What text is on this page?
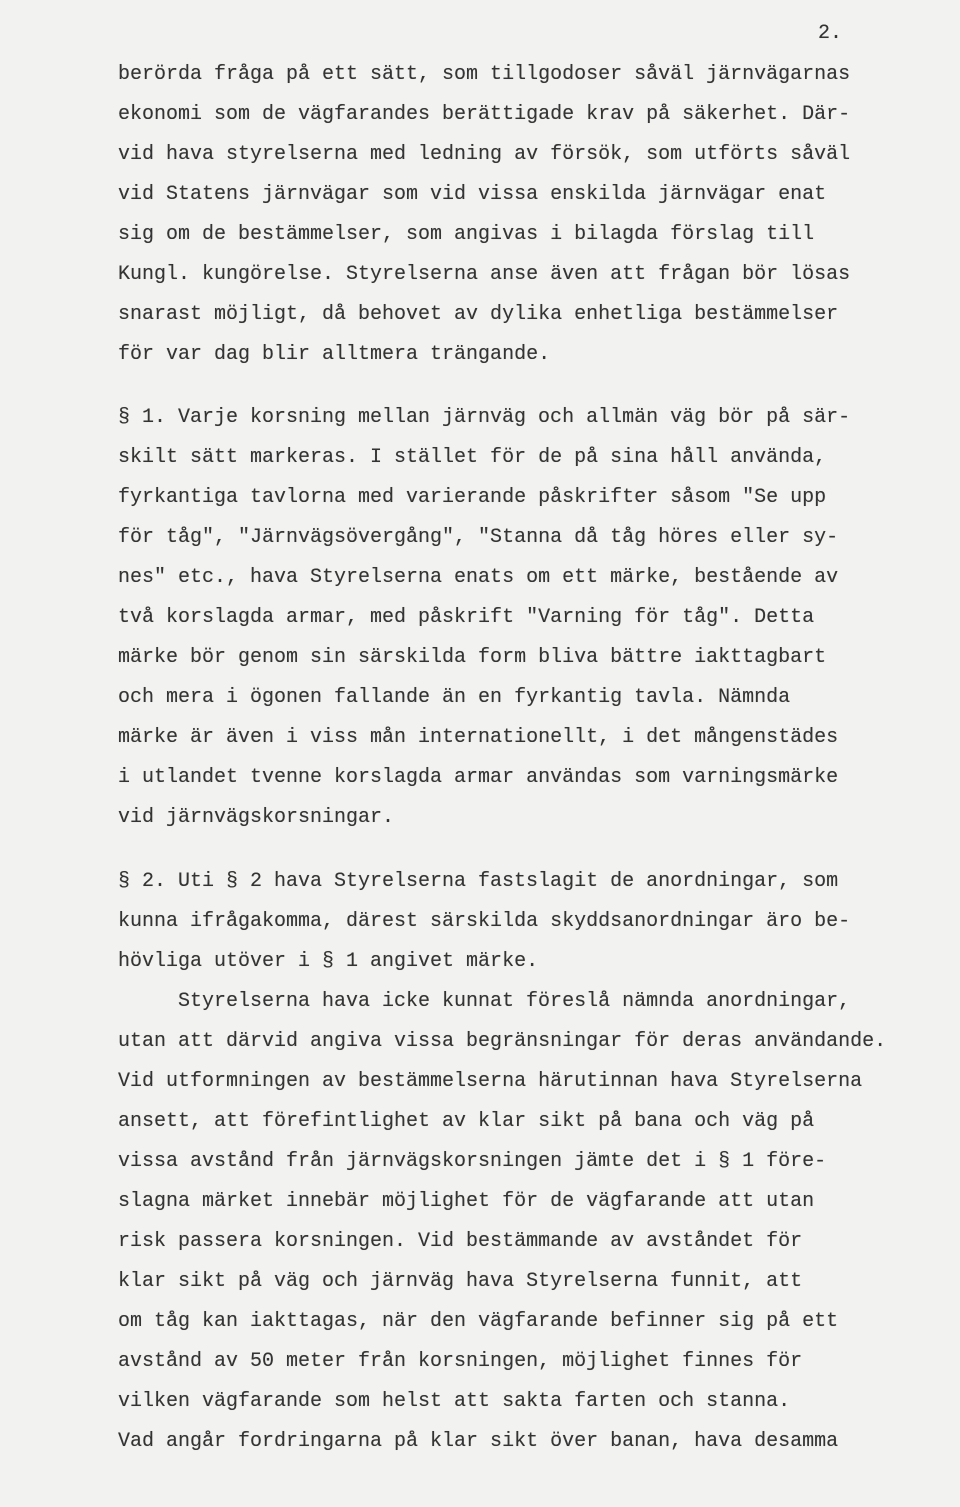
2.
berörda fråga på ett sätt, som tillgodoser såväl järnvägarnas
ekonomi som de vägfarandes berättigade krav på säkerhet. Där-
vid hava styrelserna med ledning av försök, som utförts såväl
vid Statens järnvägar som vid vissa enskilda järnvägar enat
sig om de bestämmelser, som angivas i bilagda förslag till
Kungl. kungörelse. Styrelserna anse även att frågan bör lösas
snarast möjligt, då behovet av dylika enhetliga bestämmelser
för var dag blir alltmera trängande.
§ 1. Varje korsning mellan järnväg och allmän väg bör på sär-
skilt sätt markeras. I stället för de på sina håll använda,
fyrkantiga tavlorna med varierande påskrifter såsom "Se upp
för tåg", "Järnvägsövergång", "Stanna då tåg höres eller sy-
nes" etc., hava Styrelserna enats om ett märke, bestående av
två korslagda armar, med påskrift "Varning för tåg". Detta
märke bör genom sin särskilda form bliva bättre iakttagbart
och mera i ögonen fallande än en fyrkantig tavla. Nämnda
märke är även i viss mån internationellt, i det mångenstädes
i utlandet tvenne korslagda armar användas som varningsmärke
vid järnvägskorsningar.
§ 2. Uti § 2 hava Styrelserna fastslagit de anordningar, som
kunna ifrågakomma, därest särskilda skyddsanordningar äro be-
hövliga utöver i § 1 angivet märke.
Styrelserna hava icke kunnat föreslå nämnda anordningar,
utan att därvid angiva vissa begränsningar för deras användande.
Vid utformningen av bestämmelserna härutinnan hava Styrelserna
ansett, att förefintlighet av klar sikt på bana och väg på
vissa avstånd från järnvägskorsningen jämte det i § 1 före-
slagna märket innebär möjlighet för de vägfarande att utan
risk passera korsningen. Vid bestämmande av avståndet för
klar sikt på väg och järnväg hava Styrelserna funnit, att
om tåg kan iakttagas, när den vägfarande befinner sig på ett
avstånd av 50 meter från korsningen, möjlighet finnes för
vilken vägfarande som helst att sakta farten och stanna.
Vad angår fordringarna på klar sikt över banan, hava desamma
